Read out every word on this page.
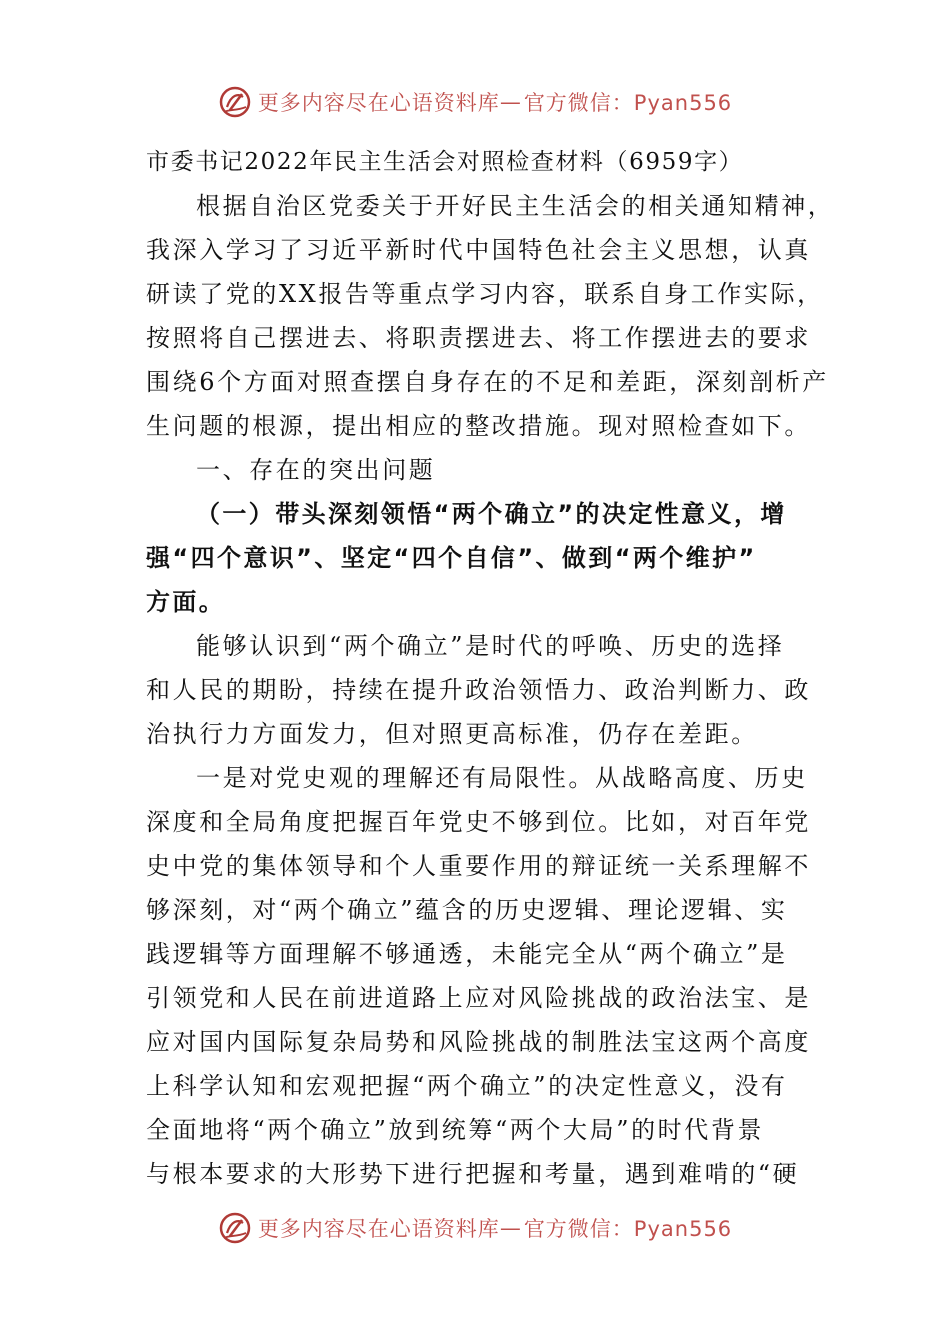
更多内容尽在心语资料库 — 官方微信：Pyan556
市委书记2022年民主生活会对照检查材料（6959字）
根据自治区党委关于开好民主生活会的相关通知精神，
我深入学习了习近平新时代中国特色社会主义思想，认真
研读了党的XX报告等重点学习内容，联系自身工作实际，
按照将自己摆进去、将职责摆进去、将工作摆进去的要求
围绕6个方面对照查摆自身存在的不足和差距，深刻剖析产
生问题的根源，提出相应的整改措施。现对照检查如下。
一、存在的突出问题
（一）带头深刻领悟“两个确立”的决定性意义，增
强“四个意识”、坚定“四个自信”、做到“两个维护”
方面。
能够认识到“两个确立”是时代的呼唤、历史的选择
和人民的期盼，持续在提升政治领悟力、政治判断力、政
治执行力方面发力，但对照更高标准，仍存在差距。
一是对党史观的理解还有局限性。从战略高度、历史
深度和全局角度把握百年党史不够到位。比如，对百年党
史中党的集体领导和个人重要作用的辩证统一关系理解不
够深刻，对“两个确立”蕴含的历史逻辑、理论逻辑、实
践逻辑等方面理解不够通透，未能完全从“两个确立”是
引领党和人民在前进道路上应对风险挑战的政治法宝、是
应对国内国际复杂局势和风险挑战的制胜法宝这两个高度
上科学认知和宏观把握“两个确立”的决定性意义，没有
全面地将“两个确立”放到统筹“两个大局”的时代背景
与根本要求的大形势下进行把握和考量，遇到难啃的“硬
更多内容尽在心语资料库 — 官方微信：Pyan556
